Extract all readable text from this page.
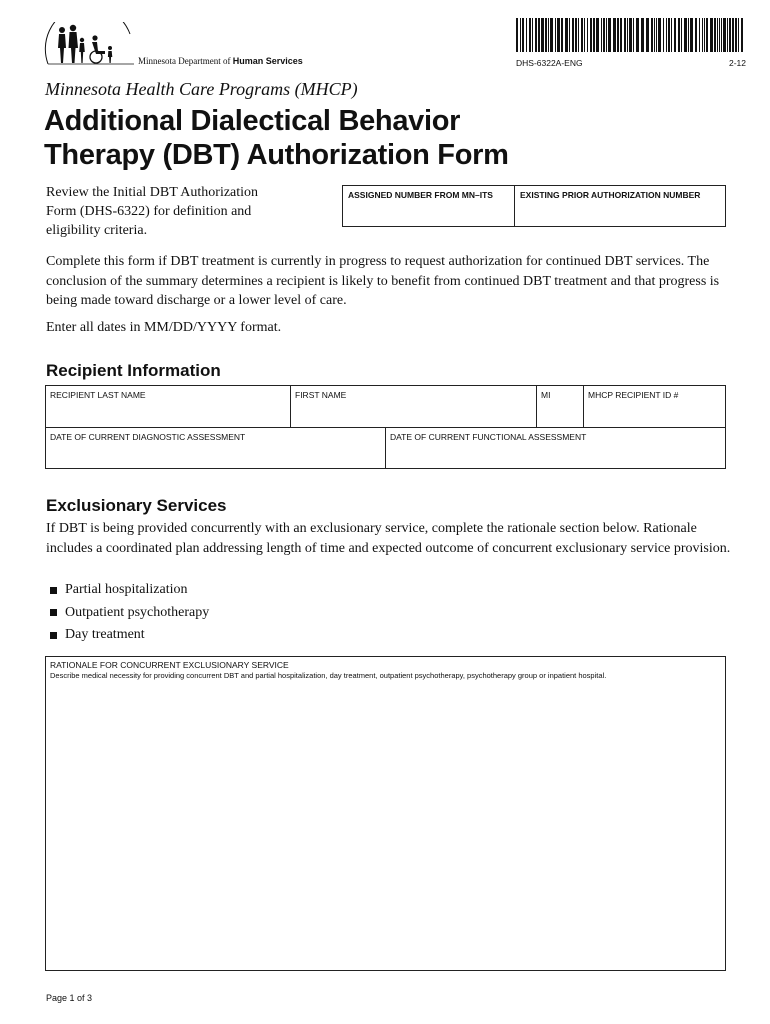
Minnesota Department of Human Services	DHS-6322A-ENG	2-12
Minnesota Health Care Programs (MHCP)
Additional Dialectical Behavior
Therapy (DBT) Authorization Form
Review the Initial DBT Authorization Form (DHS-6322) for definition and eligibility criteria.
ASSIGNED NUMBER FROM MN–ITS	EXISTING PRIOR AUTHORIZATION NUMBER
Complete this form if DBT treatment is currently in progress to request authorization for continued DBT services. The conclusion of the summary determines a recipient is likely to benefit from continued DBT treatment and that progress is being made toward discharge or a lower level of care.
Enter all dates in MM/DD/YYYY format.
Recipient Information
RECIPIENT LAST NAME	FIRST NAME	MI	MHCP RECIPIENT ID #
DATE OF CURRENT DIAGNOSTIC ASSESSMENT	DATE OF CURRENT FUNCTIONAL ASSESSMENT
Exclusionary Services
If DBT is being provided concurrently with an exclusionary service, complete the rationale section below. Rationale includes a coordinated plan addressing length of time and expected outcome of concurrent exclusionary service provision.
Partial hospitalization
Outpatient psychotherapy
Day treatment
RATIONALE FOR CONCURRENT EXCLUSIONARY SERVICE
Describe medical necessity for providing concurrent DBT and partial hospitalization, day treatment, outpatient psychotherapy, psychotherapy group or inpatient hospital.
Page 1 of 3
